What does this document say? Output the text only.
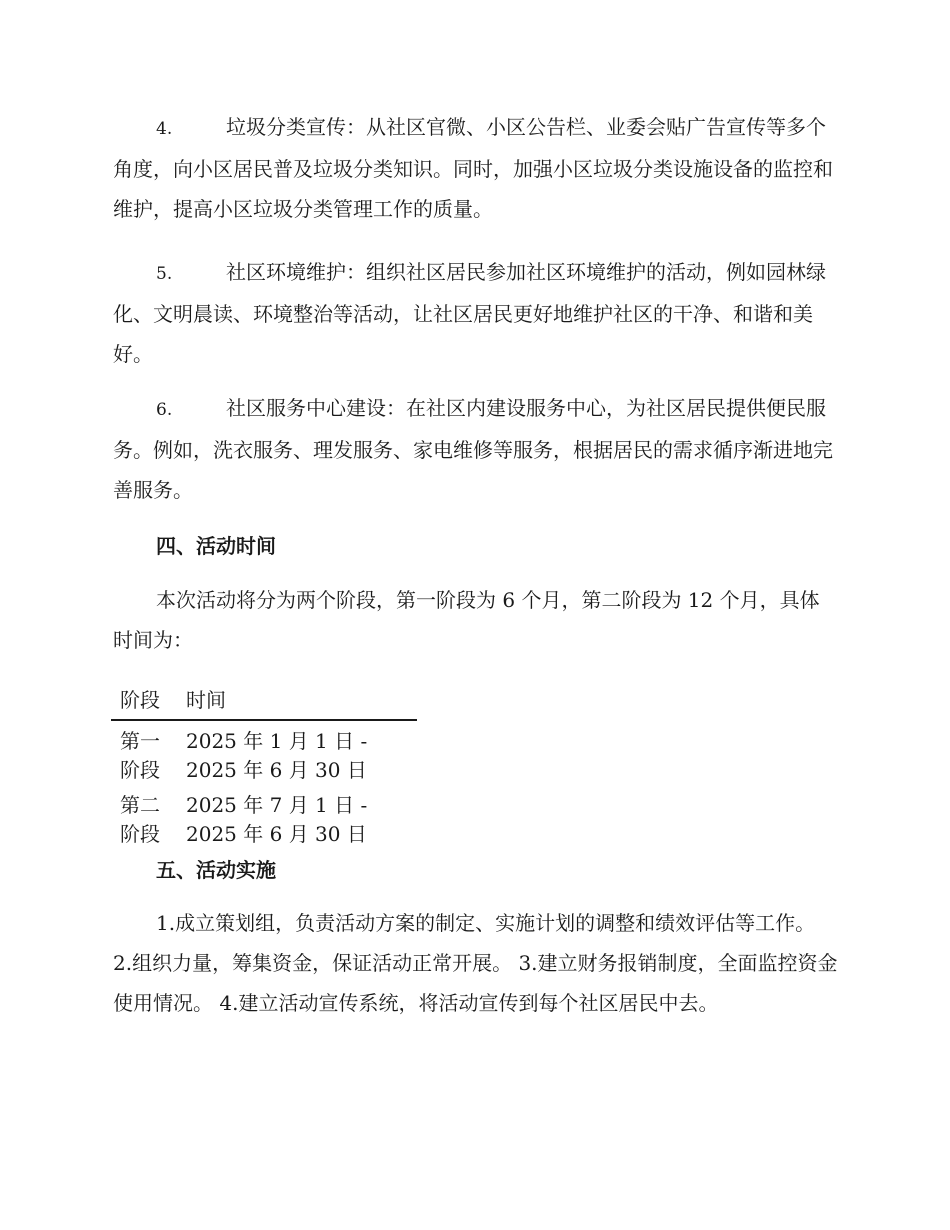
4.	垃圾分类宣传：从社区官微、小区公告栏、业委会贴广告宣传等多个角度，向小区居民普及垃圾分类知识。同时，加强小区垃圾分类设施设备的监控和维护，提高小区垃圾分类管理工作的质量。

5.	社区环境维护：组织社区居民参加社区环境维护的活动，例如园林绿化、文明晨读、环境整治等活动，让社区居民更好地维护社区的干净、和谐和美好。

6.	社区服务中心建设：在社区内建设服务中心，为社区居民提供便民服务。例如，洗衣服务、理发服务、家电维修等服务，根据居民的需求循序渐进地完善服务。

四、活动时间

本次活动将分为两个阶段，第一阶段为 6 个月，第二阶段为 12 个月，具体时间为：

阶段	时间
第一阶段	2025 年 1 月 1 日 - 2025 年 6 月 30 日
第二阶段	2025 年 7 月 1 日 - 2025 年 6 月 30 日

五、活动实施

1.成立策划组，负责活动方案的制定、实施计划的调整和绩效评估等工作。 2.组织力量，筹集资金，保证活动正常开展。 3.建立财务报销制度，全面监控资金使用情况。 4.建立活动宣传系统，将活动宣传到每个社区居民中去。
